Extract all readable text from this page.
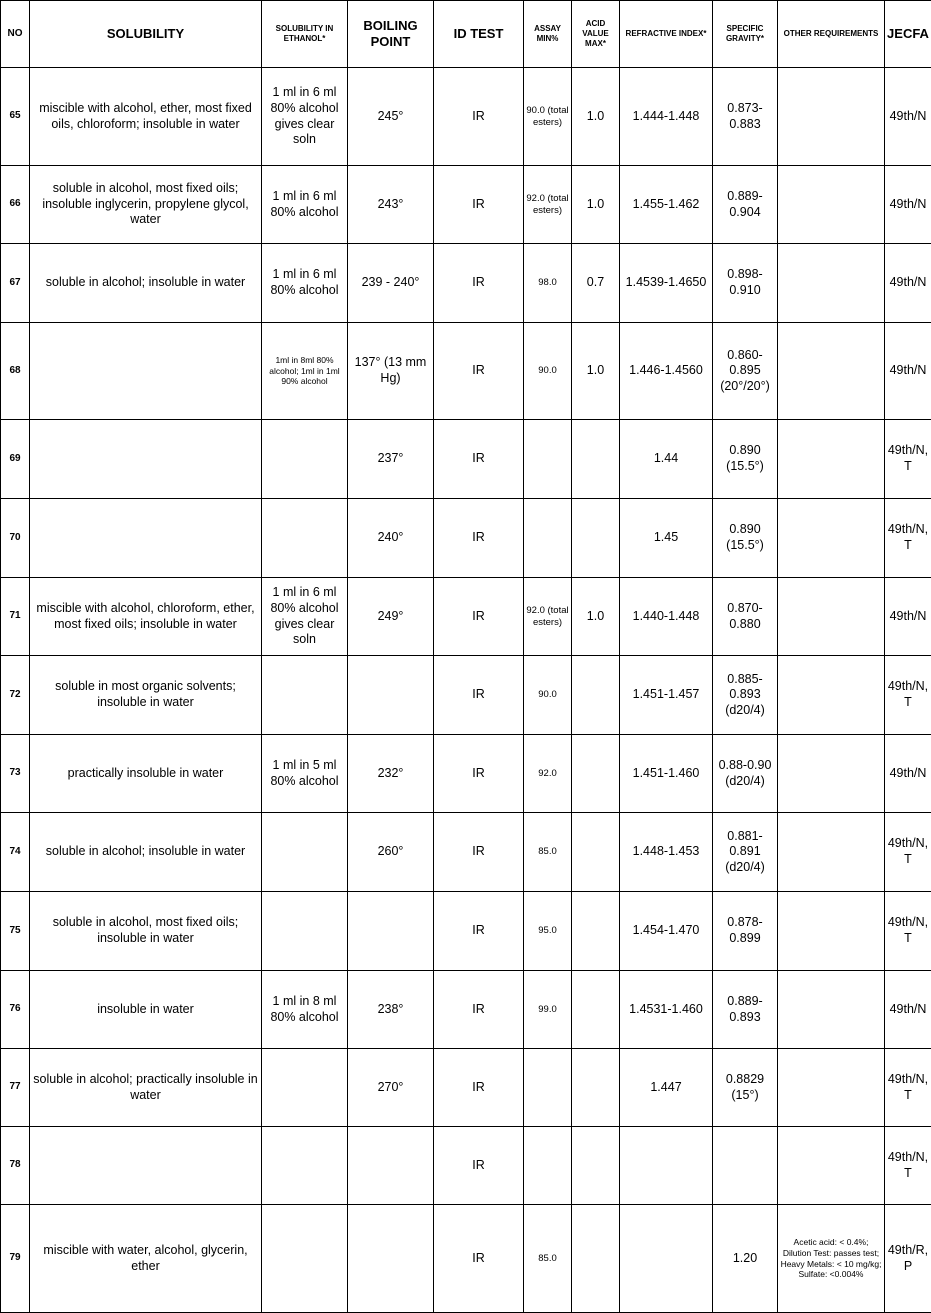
NO	SOLUBILITY	SOLUBILITY IN ETHANOL*	BOILING POINT	ID TEST	ASSAY MIN%	ACID VALUE MAX*	REFRACTIVE INDEX*	SPECIFIC GRAVITY*	OTHER REQUIREMENTS	JECFA
65	miscible with alcohol, ether, most fixed oils, chloroform; insoluble in water	1 ml in 6 ml 80% alcohol gives clear soln	245°	IR	90.0 (total esters)	1.0	1.444-1.448	0.873-0.883		49th/N
66	soluble in alcohol, most fixed oils; insoluble inglycerin, propylene glycol, water	1 ml in 6 ml 80% alcohol	243°	IR	92.0 (total esters)	1.0	1.455-1.462	0.889-0.904		49th/N
67	soluble in alcohol; insoluble in water	1 ml in 6 ml 80% alcohol	239 - 240°	IR	98.0	0.7	1.4539-1.4650	0.898-0.910		49th/N
68		1ml in 8ml 80% alcohol; 1ml in 1ml 90% alcohol	137° (13 mm Hg)	IR	90.0	1.0	1.446-1.4560	0.860-0.895 (20°/20°)		49th/N
69			237°	IR			1.44	0.890 (15.5°)		49th/N,T
70			240°	IR			1.45	0.890 (15.5°)		49th/N,T
71	miscible with alcohol, chloroform, ether, most fixed oils; insoluble in water	1 ml in 6 ml 80% alcohol gives clear soln	249°	IR	92.0 (total esters)	1.0	1.440-1.448	0.870-0.880		49th/N
72	soluble in most organic solvents; insoluble in water			IR	90.0		1.451-1.457	0.885-0.893 (d20/4)		49th/N,T
73	practically insoluble in water	1 ml in 5 ml 80% alcohol	232°	IR	92.0		1.451-1.460	0.88-0.90 (d20/4)		49th/N
74	soluble in alcohol; insoluble in water		260°	IR	85.0		1.448-1.453	0.881-0.891 (d20/4)		49th/N,T
75	soluble in alcohol, most fixed oils; insoluble in water			IR	95.0		1.454-1.470	0.878-0.899		49th/N,T
76	insoluble in water	1 ml in 8 ml 80% alcohol	238°	IR	99.0		1.4531-1.460	0.889-0.893		49th/N
77	soluble in alcohol; practically insoluble in water		270°	IR			1.447	0.8829 (15°)		49th/N,T
78				IR						49th/N,T
79	miscible with water, alcohol, glycerin, ether			IR	85.0			1.20	Acetic acid: < 0.4%; Dilution Test: passes test; Heavy Metals: < 10 mg/kg; Sulfate: <0.004%	49th/R,P
